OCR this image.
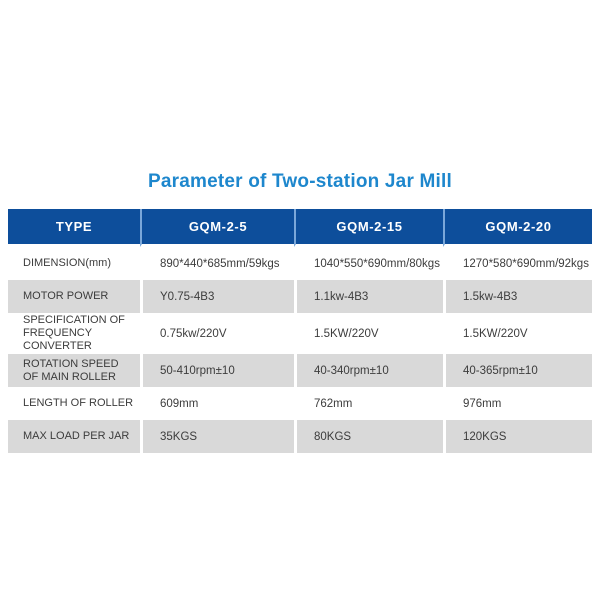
Parameter of Two-station Jar Mill
TYPE	GQM-2-5	GQM-2-15	GQM-2-20
DIMENSION(mm)	890*440*685mm/59kgs	1040*550*690mm/80kgs	1270*580*690mm/92kgs
MOTOR POWER	Y0.75-4B3	1.1kw-4B3	1.5kw-4B3
SPECIFICATION OF FREQUENCY CONVERTER	0.75kw/220V	1.5KW/220V	1.5KW/220V
ROTATION SPEED OF MAIN ROLLER	50-410rpm±10	40-340rpm±10	40-365rpm±10
LENGTH OF ROLLER	609mm	762mm	976mm
MAX LOAD PER JAR	35KGS	80KGS	120KGS
